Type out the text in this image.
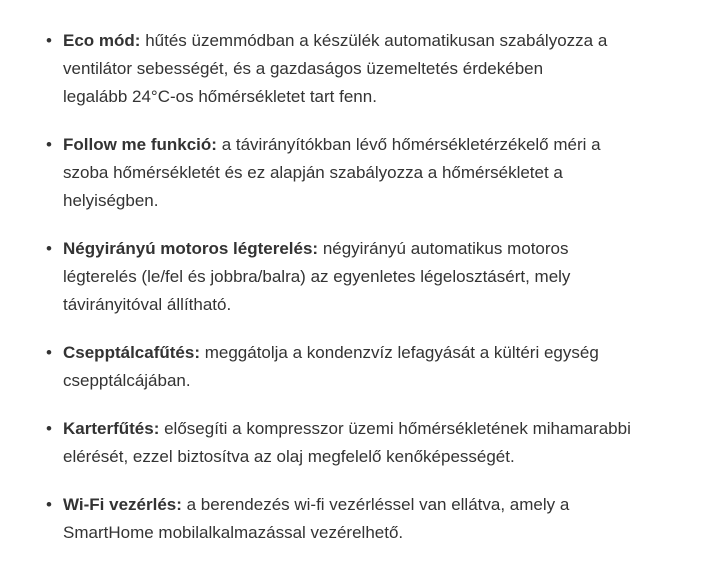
• Eco mód: hűtés üzemmódban a készülék automatikusan szabályozza a
ventilátor sebességét, és a gazdaságos üzemeltetés érdekében
legalább 24°C-os hőmérsékletet tart fenn.
• Follow me funkció: a távirányítókban lévő hőmérsékletérzékelő méri a
szoba hőmérsékletét és ez alapján szabályozza a hőmérsékletet a
helyiségben.
• Négyirányú motoros légterelés: négyirányú automatikus motoros
légterelés (le/fel és jobbra/balra) az egyenletes légelosztásért, mely
távirányitóval állítható.
• Csepptálcafűtés: meggátolja a kondenzvíz lefagyását a kültéri egység
csepptálcájában.
• Karterfűtés: elősegíti a kompresszor üzemi hőmérsékletének mihamarabbi
elérését, ezzel biztosítva az olaj megfelelő kenőképességét.
• Wi-Fi vezérlés: a berendezés wi-fi vezérléssel van ellátva, amely a
SmartHome mobilalkalmazással vezérelhető.
